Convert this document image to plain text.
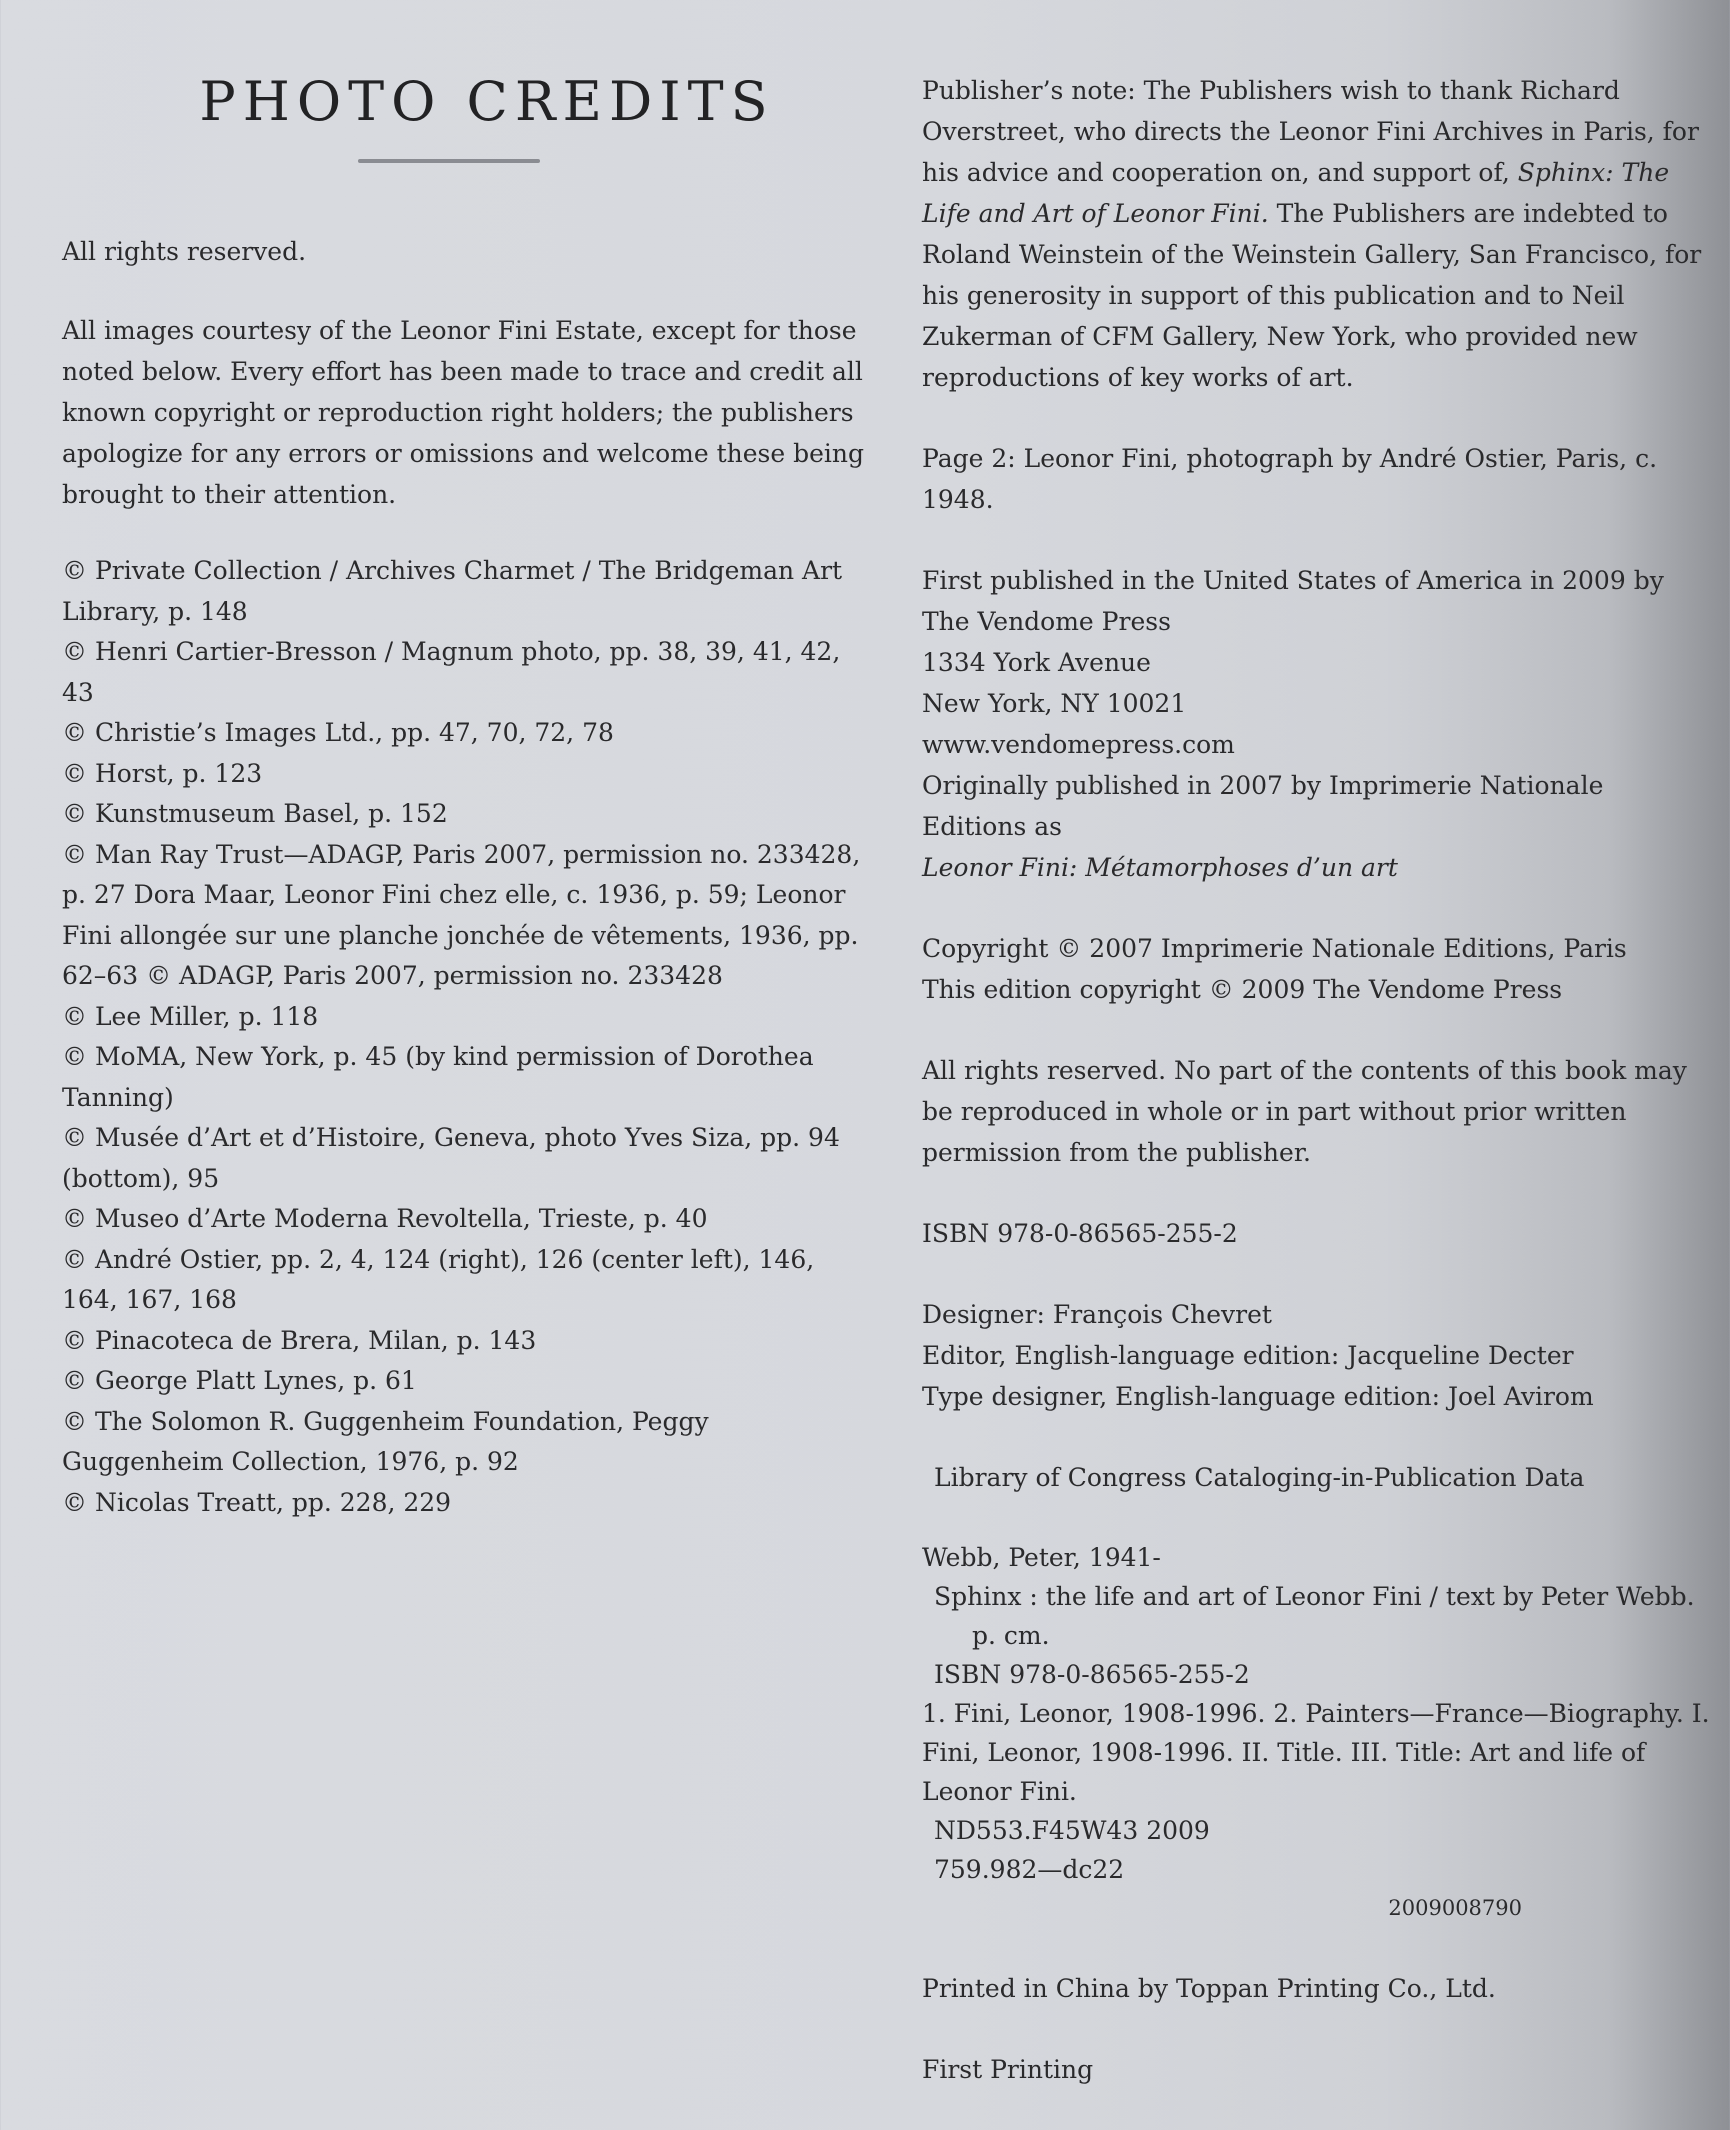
PHOTO CREDITS

All rights reserved.

All images courtesy of the Leonor Fini Estate, except for those noted below. Every effort has been made to trace and credit all known copyright or reproduction right holders; the publishers apologize for any errors or omissions and welcome these being brought to their attention.

© Private Collection / Archives Charmet / The Bridgeman Art Library, p. 148

© Henri Cartier-Bresson / Magnum photo, pp. 38, 39, 41, 42, 43

© Christie’s Images Ltd., pp. 47, 70, 72, 78

© Horst, p. 123

© Kunstmuseum Basel, p. 152

© Man Ray Trust—ADAGP, Paris 2007, permission no. 233428, p. 27 Dora Maar, Leonor Fini chez elle, c. 1936, p. 59; Leonor Fini allongée sur une planche jonchée de vêtements, 1936, pp. 62–63 © ADAGP, Paris 2007, permission no. 233428

© Lee Miller, p. 118

© MoMA, New York, p. 45 (by kind permission of Dorothea Tanning)

© Musée d’Art et d’Histoire, Geneva, photo Yves Siza, pp. 94 (bottom), 95

© Museo d’Arte Moderna Revoltella, Trieste, p. 40

© André Ostier, pp. 2, 4, 124 (right), 126 (center left), 146, 164, 167, 168

© Pinacoteca de Brera, Milan, p. 143

© George Platt Lynes, p. 61

© The Solomon R. Guggenheim Foundation, Peggy Guggenheim Collection, 1976, p. 92

© Nicolas Treatt, pp. 228, 229

Publisher’s note: The Publishers wish to thank Richard Overstreet, who directs the Leonor Fini Archives in Paris, for his advice and cooperation on, and support of, Sphinx: The Life and Art of Leonor Fini. The Publishers are indebted to Roland Weinstein of the Weinstein Gallery, San Francisco, for his generosity in support of this publication and to Neil Zukerman of CFM Gallery, New York, who provided new reproductions of key works of art.

Page 2: Leonor Fini, photograph by André Ostier, Paris, c. 1948.

First published in the United States of America in 2009 by

The Vendome Press

1334 York Avenue

New York, NY 10021

www.vendomepress.com

Originally published in 2007 by Imprimerie Nationale Editions as

Leonor Fini: Métamorphoses d’un art

Copyright © 2007 Imprimerie Nationale Editions, Paris

This edition copyright © 2009 The Vendome Press

All rights reserved. No part of the contents of this book may be reproduced in whole or in part without prior written permission from the publisher.

ISBN 978-0-86565-255-2

Designer: François Chevret

Editor, English-language edition: Jacqueline Decter

Type designer, English-language edition: Joel Avirom

Library of Congress Cataloging-in-Publication Data

Webb, Peter, 1941-

Sphinx : the life and art of Leonor Fini / text by Peter Webb.

p. cm.

ISBN 978-0-86565-255-2

1. Fini, Leonor, 1908-1996. 2. Painters—France—Biography. I. Fini, Leonor, 1908-1996. II. Title. III. Title: Art and life of Leonor Fini.

ND553.F45W43 2009

759.982—dc22

2009008790

Printed in China by Toppan Printing Co., Ltd.

First Printing
